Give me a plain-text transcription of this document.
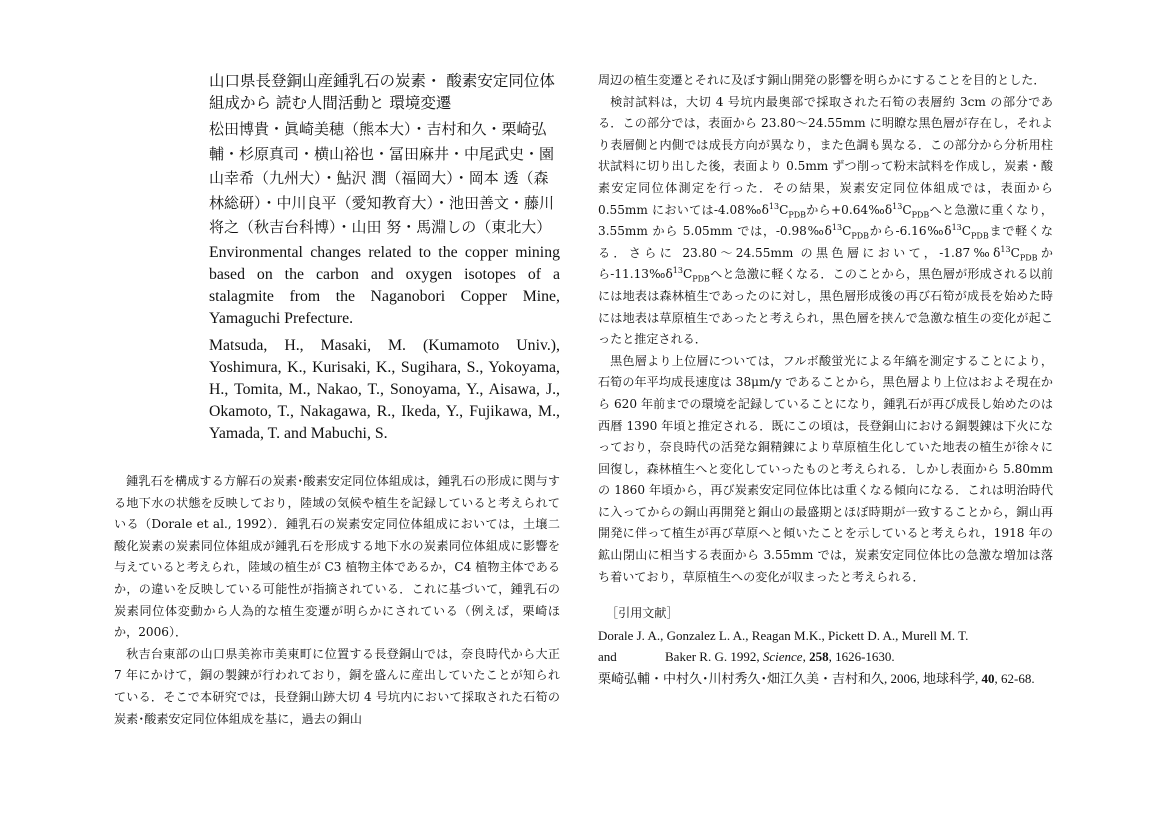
山口県長登銅山産鍾乳石の炭素・ 酸素安定同位体組成から 読む人間活動と 環境変遷

松田博貴・眞崎美穂（熊本大）・吉村和久・栗崎弘輔・杉原真司・横山裕也・冨田麻井・中尾武史・園山幸希（九州大）・鮎沢 潤（福岡大）・岡本 透（森林総研）・中川良平（愛知教育大）・池田善文・藤川将之（秋吉台科博）・山田 努・馬淵しの（東北大）

Environmental changes related to the copper mining based on the carbon and oxygen isotopes of a stalagmite from the Naganobori Copper Mine, Yamaguchi Prefecture.

Matsuda, H., Masaki, M. (Kumamoto Univ.), Yoshimura, K., Kurisaki, K., Sugihara, S., Yokoyama, H., Tomita, M., Nakao, T., Sonoyama, Y., Aisawa, J., Okamoto, T., Nakagawa, R., Ikeda, Y., Fujikawa, M., Yamada, T. and Mabuchi, S.

鍾乳石を構成する方解石の炭素･酸素安定同位体組成は，鍾乳石の形成に関与する地下水の状態を反映しており，陸域の気候や植生を記録していると考えられている（Dorale et al., 1992）．鍾乳石の炭素安定同位体組成においては，土壌二酸化炭素の炭素同位体組成が鍾乳石を形成する地下水の炭素同位体組成に影響を与えていると考えられ，陸域の植生が C3 植物主体であるか，C4 植物主体であるか，の違いを反映している可能性が指摘されている．これに基づいて，鍾乳石の炭素同位体変動から人為的な植生変遷が明らかにされている（例えば，栗崎ほか，2006）．

秋吉台東部の山口県美祢市美東町に位置する長登銅山では，奈良時代から大正 7 年にかけて，銅の製錬が行われており，銅を盛んに産出していたことが知られている．そこで本研究では，長登銅山跡大切 4 号坑内において採取された石筍の炭素･酸素安定同位体組成を基に，過去の銅山

周辺の植生変遷とそれに及ぼす銅山開発の影響を明らかにすることを目的とした．

検討試料は，大切 4 号坑内最奥部で採取された石筍の表層約 3cm の部分である．この部分では，表面から 23.80〜24.55mm に明瞭な黒色層が存在し，それより表層側と内側では成長方向が異なり，また色調も異なる．この部分から分析用柱状試料に切り出した後，表面より 0.5mm ずつ削って粉末試料を作成し，炭素・酸素安定同位体測定を行った．その結果，炭素安定同位体組成では，表面から 0.55mm においては$-4.08‰\delta^{13}C_{PDB}$から$+0.64‰\delta^{13}C_{PDB}$へと急激に重くなり，3.55mm から 5.05mm では，$-0.98‰\delta^{13}C_{PDB}$から$-6.16‰\delta^{13}C_{PDB}$まで軽くなる．さらに 23.80〜24.55mm の黒色層において，$-1.87‰\delta^{13}C_{PDB}$から$-11.13‰\delta^{13}C_{PDB}$へと急激に軽くなる．このことから，黒色層が形成される以前には地表は森林植生であったのに対し，黒色層形成後の再び石筍が成長を始めた時には地表は草原植生であったと考えられ，黒色層を挟んで急激な植生の変化が起こったと推定される．

黒色層より上位層については，フルボ酸蛍光による年縞を測定することにより，石筍の年平均成長速度は 38μm/y であることから，黒色層より上位はおよそ現在から 620 年前までの環境を記録していることになり，鍾乳石が再び成長し始めたのは西暦 1390 年頃と推定される．既にこの頃は，長登銅山における銅製錬は下火になっており，奈良時代の活発な銅精錬により草原植生化していた地表の植生が徐々に回復し，森林植生へと変化していったものと考えられる．しかし表面から 5.80mm の 1860 年頃から，再び炭素安定同位体比は重くなる傾向になる．これは明治時代に入ってからの銅山再開発と銅山の最盛期とほぼ時期が一致することから，銅山再開発に伴って植生が再び草原へと傾いたことを示していると考えられ，1918 年の鉱山閉山に相当する表面から 3.55mm では，炭素安定同位体比の急激な増加は落ち着いており，草原植生への変化が収まったと考えられる．

［引用文献］

Dorale J. A., Gonzalez L. A., Reagan M.K., Pickett D. A., Murell M. T.
and	Baker R. G. 1992, Science, 258, 1626-1630.

栗崎弘輔・中村久･川村秀久･畑江久美・吉村和久, 2006, 地球科学, 40, 62-68.
